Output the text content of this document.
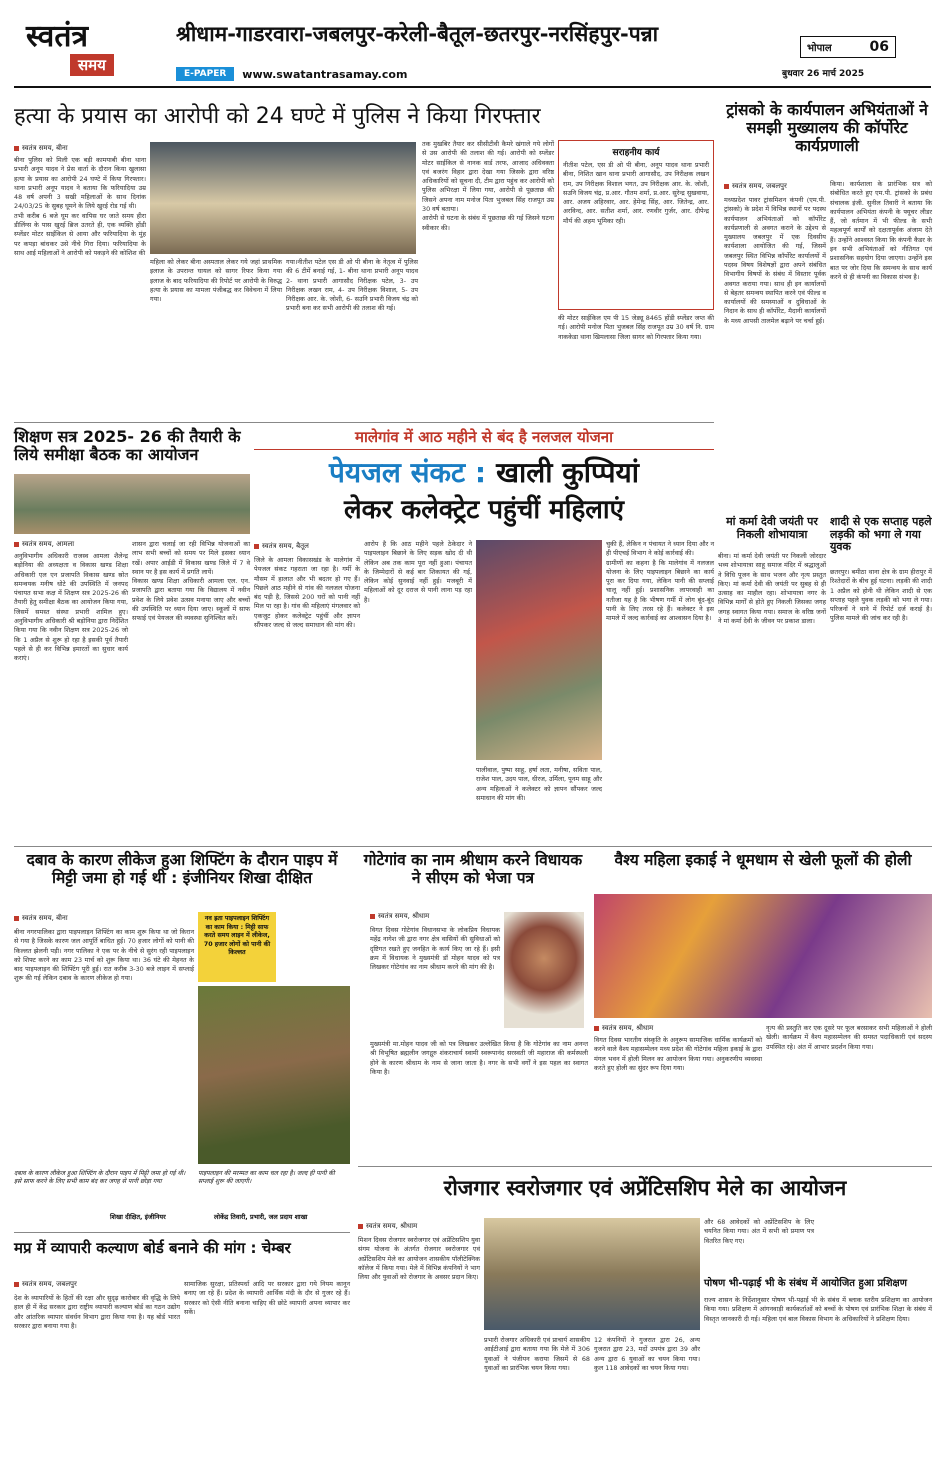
स्वतंत्र
समय
श्रीधाम-गाडरवारा-जबलपुर-करेली-बैतूल-छतरपुर-नरसिंहपुर-पन्ना
E-PAPER	www.swatantrasamay.com
भोपाल	06
बुधवार 26 मार्च 2025
हत्या के प्रयास का आरोपी को 24 घण्टे में पुलिस ने किया गिरफ्तार
स्वतंत्र समय, बीना
बीना पुलिस को मिली एक बड़ी कामयाबी बीना थाना प्रभारी अनूप यादव ने प्रेस वार्ता के दौरान किया खुलासा हत्या के प्रयास का आरोपी 24 घण्टे में किया गिरफ्तार। थाना प्रभारी अनूप यादव ने बताया कि फरियादिया उम्र 48 वर्ष अपनी 3 सखी महिलाओं के साथ दिनांक 24/03/25 के सुबह घूमने के लिये खुरई रोड गई थी।
तभी करीब 6 बजे घूम कर वापिस घर जाते समय हीरा डीलिंग्स के पास खुरई ब्रिज उतरते ही, एक व्यक्ति होंडी स्प्लेंडर मोटर साईकिल से आया और फरियादिया के मुंह पर कपड़ा बांधकर उसे नीचे गिरा दिया। फरियादिया के साथ आई महिलाओं ने आरोपी को पकड़ने की कोशिश की
महिला को लेकर बीना अस्पताल लेकर गये जहां प्राथमिक इलाज के उपरान्त घायल को सागर रिफर किया गया इलाज के बाद फरियादिया की रिपोर्ट पर आरोपी के विरुद्ध हत्या के प्रयास का मामला पंजीबद्ध कर विवेचना में लिया गया।
गया।नीतीश पटेल एस डी ओ पी बीना के नेतृत्व में पुलिस की 6 टीमें बनाई गई, 1- बीना थाना प्रभारी अनूप यादव 2- थाना प्रभारी आगासौद निरीक्षक पटेल, 3- उप निरीक्षक लखन राम, 4- उप निरीक्षक विशाल, 5- उप निरीक्षक आर. के. जोशी, 6- सउनि प्रभारी विजय चंद्र को प्रभारी बना कर सभी आरोपी की तलाश की गई।
तक मुखबिर तैयार कर सीसीटीवी कैमरे खंगाले गये लोगों से उस आरोपी की तलाश की गई। आरोपी को स्प्लेंडर मोटर साईकिल से नानक वार्ड तरफ, आजाद अधिवक्ता एवं बजरंग विहार द्वारा देखा गया जिसके द्वारा वरिष्ठ अधिकारियों को सूचना दी, टीम द्वारा पहुंच कर आरोपी को पुलिस अभिरक्षा में लिया गया, आरोपी से पूछताछ की जिसने अपना नाम मनोज पिता भुजबल सिंह राजपूत उम्र 30 वर्ष बताया।
आरोपी से घटना के संबंध में पूछताछ की गई जिसने घटना स्वीकार की।
सराहनीय कार्य
नीतीश पटेल, एस डी ओ पी बीना, अनूप यादव थाना प्रभारी बीना, निशित खान थाना प्रभारी आगासौद, उप निरीक्षक लखन राम, उप निरीक्षक विशाल भगत, उप निरीक्षक आर. के. जोशी, सउनि विजय चंद्र, प्र.आर. गौतम शर्मा, प्र.आर. सुरेन्द्र सुखवाया, आर. अजय अहिरवार, आर. हेमेन्द्र सिंह, आर. जितेन्द्र, आर. अरविन्द, आर. सतीश शर्मा, आर. रणवीर गुर्जर, आर. दीपेन्द्र मौर्य की अहम भूमिका रही।
की मोटर साईकिल एम पी 15 जेड्यू 8465 होंडी स्प्लेंडर जप्त की गई। आरोपी मनोज पिता भुजबल सिंह राजपूत उम्र 30 वर्ष नि. ग्राम नाककेडा थाना खिमलासा जिला सागर को गिरफ्तार किया गया।
ट्रांसको के कार्यपालन अभियंताओं ने समझी मुख्यालय की कॉर्पोरेट कार्यप्रणाली
स्वतंत्र समय, जबलपुर
मध्यप्रदेश पावर ट्रांसमिशन कंपनी (एम.पी. ट्रांसको) के प्रदेश में विभिन्न स्थानों पर पदस्थ कार्यपालन अभियंताओं को कॉर्पोरेट कार्यप्रणाली से अवगत कराने के उद्देश्य से मुख्यालय जबलपुर में एक दिवसीय कार्यशाला आयोजित की गई, जिसमें जबलपुर स्थित विभिन्न कॉर्पोरेट कार्यालयों में पदस्थ विषय विशेषज्ञों द्वारा अपने संबंधित विभागीय विषयों के संबंध में विस्तार पूर्वक अवगत कराया गया। साथ ही इन कार्यालयों से बेहतर समन्वय स्थापित करने एवं फील्ड व कार्यालयों की समस्याओं व दुविधाओं के निदान के साथ ही कॉर्पोरेट, मैदानी कार्यालयों के मध्य आपसी तालमेल बढ़ाने पर चर्चा हुई।
किया। कार्यशाला के प्रारंभिक सत्र को संबोधित करते हुए एम.पी. ट्रांसको के प्रबंध संचालक इंजी. सुनील तिवारी ने बताया कि कार्यपालन अभियंता कंपनी के फ्यूचर लीडर हैं, जो वर्तमान में भी फील्ड के सभी महत्वपूर्ण कार्यों को दक्षतापूर्वक अंजाम देते हैं। उन्होंने आश्वस्त किया कि कंपनी कैडर के इन सभी अभियंताओं को नीतिगत एवं प्रशासनिक सहयोग दिया जाएगा। उन्होंने इस बात पर जोर दिया कि समन्वय के साथ कार्य करने से ही कंपनी का विकास संभव है।
शिक्षण सत्र 2025- 26 की तैयारी के लिये समीक्षा बैठक का आयोजन
स्वतंत्र समय, आमला
अनुविभागीय अधिकारी राजस्व आमला शैलेन्द्र बड़ोनिया की अध्यक्षता व विकास खण्ड शिक्षा अधिकारी एल एन प्रजापति विकास खण्ड स्रोत समन्वयक मनीष धोटे की उपस्थिति में जनपद पंचायत सभा कक्ष में शिक्षण सत्र 2025-26 की तैयारी हेतु समीक्षा बैठक का आयोजन किया गया, जिसमें समस्त संस्था प्रभारी शामिल हुए। अनुविभागीय अधिकारी श्री बड़ोनिया द्वारा निर्देशित किया गया कि नवीन शिक्षण सत्र 2025-26 जो कि 1 अप्रैल से शुरू हो रहा है इसकी पूर्व तैयारी पहले से ही कर विभिन्न इमारतों का सुधार कार्य कराएं।
शासन द्वारा चलाई जा रही विभिन्न योजनाओं का लाभ सभी बच्चों को समय पर मिले इसका ध्यान रखें। अपार आईडी में विकास खण्ड जिले में 7 वे स्थान पर है इस कार्य में प्रगति लायें।
विकास खण्ड शिक्षा अधिकारी आमला एल. एन. प्रजापति द्वारा बताया गया कि विद्यालय में नवीन प्रवेश के लिये प्रवेश उत्सव मनाया जाए और बच्चों की उपस्थिति पर ध्यान दिया जाए। स्कूलों में साफ सफाई एवं पेयजल की व्यवस्था सुनिश्चित करें।
मालेगांव में आठ महीने से बंद है नलजल योजना
पेयजल संकट : खाली कुप्पियां
लेकर कलेक्ट्रेट पहुंचीं महिलाएं
स्वतंत्र समय, बैतूल
जिले के आमला विकासखंड के मालेगांव में पेयजल संकट गहराता जा रहा है। गर्मी के मौसम में हालात और भी बदतर हो गए हैं। पिछले आठ महीने से गांव की नलजल योजना बंद पड़ी है, जिससे 200 घरों को पानी नहीं मिल पा रहा है। गांव की महिलाएं मंगलवार को एकजुट होकर कलेक्ट्रेट पहुंचीं और ज्ञापन सौंपकर जल्द से जल्द समाधान की मांग की।
आरोप है कि आठ महीने पहले ठेकेदार ने पाइपलाइन बिछाने के लिए सड़क खोद दी थी लेकिन अब तक काम पूरा नहीं हुआ। पंचायत के जिम्मेदारों से कई बार शिकायत की गई, लेकिन कोई सुनवाई नहीं हुई। मजबूरी में महिलाओं को दूर दराज से पानी लाना पड़ रहा है।
पालीवाल, पुष्पा साहू, हर्षा लता, मनीषा, सविता पाल, राजेश पाल, उदय पाल, धीरज, उर्मिला, पूनम साहू और अन्य महिलाओं ने कलेक्टर को ज्ञापन सौंपकर जल्द समाधान की मांग की।
चुकी हैं, लेकिन न पंचायत ने ध्यान दिया और न ही पीएचई विभाग ने कोई कार्रवाई की।
ग्रामीणों का कहना है कि मालेगांव में नलजल योजना के लिए पाइपलाइन बिछाने का कार्य पूरा कर दिया गया, लेकिन पानी की सप्लाई चालू नहीं हुई। प्रशासनिक लापरवाही का नतीजा यह है कि भीषण गर्मी में लोग बूंद-बूंद पानी के लिए तरस रहे हैं। कलेक्टर ने इस मामले में जल्द कार्रवाई का आश्वासन दिया है।
मां कर्मा देवी जयंती पर निकली शोभायात्रा
बीना। मां कर्मा देवी जयंती पर निकली जोरदार भव्य शोभायात्रा साहू समाज मंदिर में श्रद्धालुओं ने विधि पूजन के साथ भजन और नृत्य प्रस्तुत किए। मां कर्मा देवी की जयंती पर सुबह से ही उत्साह का माहौल रहा। शोभायात्रा नगर के विभिन्न मार्गों से होते हुए निकली जिसका जगह जगह स्वागत किया गया। समाज के वरिष्ठ जनों ने मां कर्मा देवी के जीवन पर प्रकाश डाला।
शादी से एक सप्ताह पहले लड़की को भगा ले गया युवक
छतरपुर। बमीठा थाना क्षेत्र के ग्राम हीरापुर में रिश्तेदारों के बीच हुई घटना। लड़की की शादी 1 अप्रैल को होनी थी लेकिन शादी से एक सप्ताह पहले युवक लड़की को भगा ले गया। परिजनों ने थाने में रिपोर्ट दर्ज कराई है। पुलिस मामले की जांच कर रही है।
दबाव के कारण लीकेज हुआ शिफ्टिंग के दौरान पाइप में मिट्टी जमा हो गई थी : इंजीनियर शिखा दीक्षित
स्वतंत्र समय, बीना
बीना नगरपालिका द्वारा पाइपलाइन शिफ्टिंग का काम शुरू किया था जो किरान से गया है जिसके कारण जल आपूर्ति बाधित हुई। 70 हजार लोगों को पानी की किल्लत झेलनी पड़ी। नगर पालिका ने एक पर के नीचे से सुरंग रही पाइपलाइन को शिफ्ट करने का काम 23 मार्च को शुरू किया था। 36 घंटे की मेहनत के बाद पाइपलाइन की शिफ्टिंग पूरी हुई। रात करीब 3-30 बजे लाइन में सप्लाई शुरू की गई लेकिन दबाव के कारण लीकेज हो गया।
नव ह्रता पाइपलाइन शिफ्टिंग का काम किया : मिट्टी साफ करते समय लाइन में लीकेज, 70 हजार लोगों को पानी की किल्लत
दबाव के कारण लीकेज हुआ शिफ्टिंग के दौरान पाइप में मिट्टी जमा हो गई थी। इसे साफ करने के लिए सभी काम बंद कर जगह से पानी छोड़ा गया
शिखा दीक्षित, इंजीनियर
पाइपलाइन की मरम्मत का काम चल रहा है। जल्द ही पानी की सप्लाई शुरू की जाएगी।
लोकेंद्र तिवारी, प्रभारी, जल प्रदाय शाखा
गोटेगांव का नाम श्रीधाम करने विधायक ने सीएम को भेजा पत्र
स्वतंत्र समय, श्रीधाम
विगत दिवस गोटेगांव विधानसभा के लोकप्रिय विधायक महेंद्र नागेश जी द्वारा नगर क्षेत्र वासियों की सुविधाओं को दृष्टिगत रखते हुए जनहित के कार्य किए जा रहे हैं। इसी क्रम में विधायक ने मुख्यमंत्री डॉ मोहन यादव को पत्र लिखकर गोटेगांव का नाम श्रीधाम करने की मांग की है।
मुख्यमंत्री मा.मोहन यादव जी को पत्र लिखकर उल्लेखित किया है कि गोटेगांव का नाम अनन्त श्री विभूषित ब्रह्मलीन जगद्गुरु शंकराचार्य स्वामी स्वरूपानंद सरस्वती जी महाराज की कर्मस्थली होने के कारण श्रीधाम के नाम से जाना जाता है। नगर के सभी वर्गों ने इस पहल का स्वागत किया है।
वैश्य महिला इकाई ने धूमधाम से खेली फूलों की होली
स्वतंत्र समय, श्रीधाम
विगत दिवस भारतीय संस्कृति के अनुरूप सामाजिक धार्मिक कार्यक्रमों को करने वाले वैश्य महासम्मेलन मध्य प्रदेश की गोटेगांव महिला इकाई के द्वारा मंगल भवन में होली मिलन का आयोजन किया गया। अनुकरणीय व्यवस्था करते हुए होली का सुंदर रूप दिया गया।
नृत्य की प्रस्तुति कर एक दूसरे पर फूल बरसाकर सभी महिलाओं ने होली खेली। कार्यक्रम में वैश्य महासम्मेलन की समस्त पदाधिकारी एवं सदस्य उपस्थित रहे। अंत में आभार प्रदर्शन किया गया।
रोजगार स्वरोजगार एवं अप्रेंटिसशिप मेले का आयोजन
स्वतंत्र समय, श्रीधाम
मिशन दिवस रोजगार स्वरोजगार एवं अप्रेंटिसशिप युवा संगम योजना के अंतर्गत रोजगार स्वरोजगार एवं अप्रेंटिसशिप मेले का आयोजन शासकीय पॉलीटेक्निक कॉलेज में किया गया। मेले में विभिन्न कंपनियों ने भाग लिया और युवाओं को रोजगार के अवसर प्रदान किए।
प्रभारी रोजगार अधिकारी एवं प्राचार्य शासकीय आईटीआई द्वारा बताया गया कि मेले में 306 युवाओं ने पंजीयन कराया जिसमें से 68 युवाओं का प्रारंभिक चयन किया गया।
12 कंपनियों ने गुजरात द्वारा 26, अन्य गुजरात द्वारा 23, मदों उपयंत्र द्वारा 39 और अन्य द्वारा 6 युवाओं का चयन किया गया। कुल 118 आवेदकों का चयन किया गया।
और 68 आवेदकों को अप्रेंटिसशिप के लिए चयनित किया गया। अंत में सभी को प्रमाण पत्र वितरित किए गए।
पोषण भी-पढ़ाई भी के संबंध में आयोजित हुआ प्रशिक्षण
राज्य शासन के निर्देशानुसार पोषण भी-पढ़ाई भी के संबंध में ब्लाक स्तरीय प्रशिक्षण का आयोजन किया गया। प्रशिक्षण में आंगनवाड़ी कार्यकर्ताओं को बच्चों के पोषण एवं प्रारंभिक शिक्षा के संबंध में विस्तृत जानकारी दी गई। महिला एवं बाल विकास विभाग के अधिकारियों ने प्रशिक्षण दिया।
मप्र में व्यापारी कल्याण बोर्ड बनाने की मांग : चेम्बर
स्वतंत्र समय, जबलपुर
देश के व्यापारियों के हितों की रक्षा और सुदृढ़ कारोबार की वृद्धि के लिये हाल ही में केंद्र सरकार द्वारा राष्ट्रीय व्यापारी कल्याण बोर्ड का गठन उद्योग और आंतरिक व्यापार संवर्धन विभाग द्वारा किया गया है। यह बोर्ड भारत सरकार द्वारा बनाया गया है।
सामाजिक सुरक्षा, प्रतिस्पर्धा आदि पर सरकार द्वारा गये नियम कानून बनाए जा रहे हैं। प्रदेश के व्यापारी आर्थिक मंदी के दौर से गुजर रहे हैं। सरकार को ऐसी नीति बनाना चाहिए की छोटे व्यापारी अपना व्यापार कर सकें।
